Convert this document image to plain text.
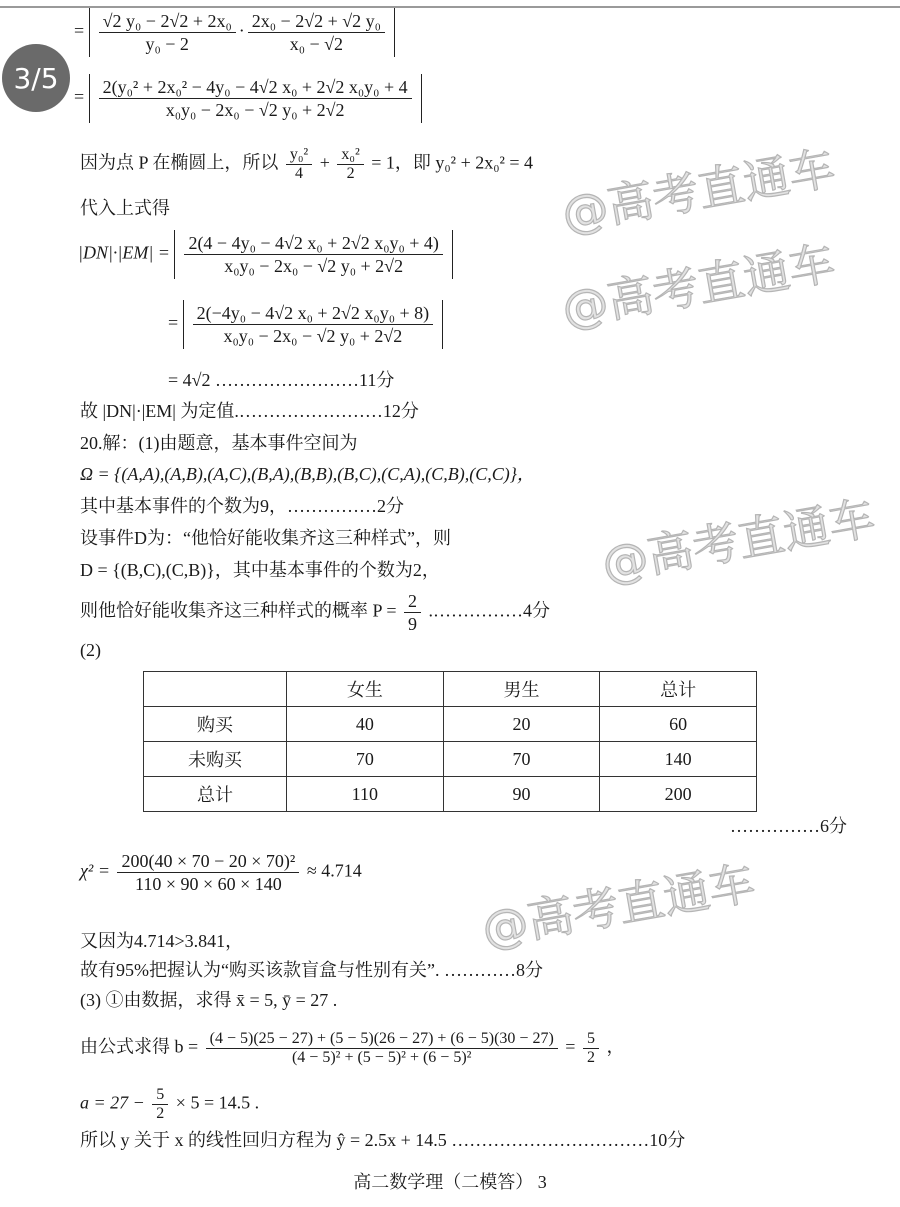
= $\frac{\text{√2 y₀ − 2√2 + 2x₀}}{\text{y₀ − 2}} \cdot \frac{\text{2x₀ − 2√2 + √2 y₀}}{\text{x₀ − √2}}$
= $\frac{\text{2(y₀² + 2x₀² − 4y₀ − 4√2 x₀ + 2√2 x₀y₀ + 4}}{\text{x₀y₀ − 2x₀ − √2 y₀ + 2√2}}$
3/5
因为点 P 在椭圆上，所以 $\frac{\text{y₀²}}{4} + \frac{\text{x₀²}}{2} = 1$，即 y₀² + 2x₀² = 4
代入上式得
$|DN|\cdot|EM| = \frac{\text{2(4 − 4y₀ − 4√2 x₀ + 2√2 x₀y₀ + 4)}}{\text{x₀y₀ − 2x₀ − √2 y₀ + 2√2}}$
= $\frac{\text{2(−4y₀ − 4√2 x₀ + 2√2 x₀y₀ + 8)}}{\text{x₀y₀ − 2x₀ − √2 y₀ + 2√2}}$
= 4√2 ……………………11分
故 |DN|·|EM| 为定值.……………………12分
20.解：(1)由题意，基本事件空间为
Ω = {(A,A),(A,B),(A,C),(B,A),(B,B),(B,C),(C,A),(C,B),(C,C)}，
其中基本事件的个数为9，……………2分
设事件D为：“他恰好能收集齐这三种样式”，则
D = {(B,C),(C,B)}，其中基本事件的个数为2，
则他恰好能收集齐这三种样式的概率 $P = \frac{2}{9}$ .……………4分
(2)
	女生	男生	总计
购买	40	20	60
未购买	70	70	140
总计	110	90	200
……………6分
$\chi^2 = \frac{\text{200(40 × 70 − 20 × 70)²}}{110 \times 90 \times 60 \times 140} \approx 4.714$
又因为4.714>3.841，
故有95%把握认为“购买该款盲盒与性别有关”. …………8分
(3) ①由数据，求得 x̄ = 5, ȳ = 27 .
由公式求得 $b = \frac{(4 - 5)(25 - 27) + (5 - 5)(26 - 27) + (6 - 5)(30 - 27)}{\text{(4 − 5)² + (5 − 5)² + (6 − 5)²}} = \frac{5}{2}$ ，
$a = 27 - \frac{5}{2} \times 5 = 14.5$ .
所以 y 关于 x 的线性回归方程为 ŷ = 2.5x + 14.5 ……………………………10分
高二数学理（二模答） 3
@高考直通车
@高考直通车
@高考直通车
@高考直通车
